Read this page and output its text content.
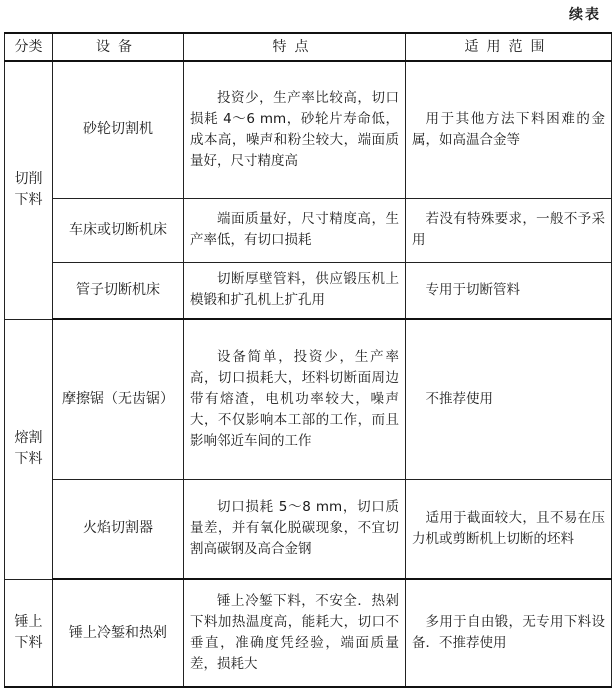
续表
分类	设备	特点	适用范围
切削下料	砂轮切割机	投资少，生产率比较高，切口损耗 4～6 mm，砂轮片寿命低，成本高，噪声和粉尘较大，端面质量好，尺寸精度高	用于其他方法下料困难的金属，如高温合金等
	车床或切断机床	端面质量好，尺寸精度高，生产率低，有切口损耗	若没有特殊要求，一般不予采用
	管子切断机床	切断厚壁管料，供应锻压机上模锻和扩孔机上扩孔用	专用于切断管料
熔割下料	摩擦锯（无齿锯）	设备简单，投资少，生产率高，切口损耗大，坯料切断面周边带有熔渣，电机功率较大，噪声大，不仅影响本工部的工作，而且影响邻近车间的工作	不推荐使用
	火焰切割器	切口损耗 5～8 mm，切口质量差，并有氧化脱碳现象，不宜切割高碳钢及高合金钢	适用于截面较大，且不易在压力机或剪断机上切断的坯料
锤上下料	锤上冷錾和热剁	锤上冷錾下料，不安全．热剁下料加热温度高，能耗大，切口不垂直，准确度凭经验，端面质量差，损耗大	多用于自由锻，无专用下料设备．不推荐使用
